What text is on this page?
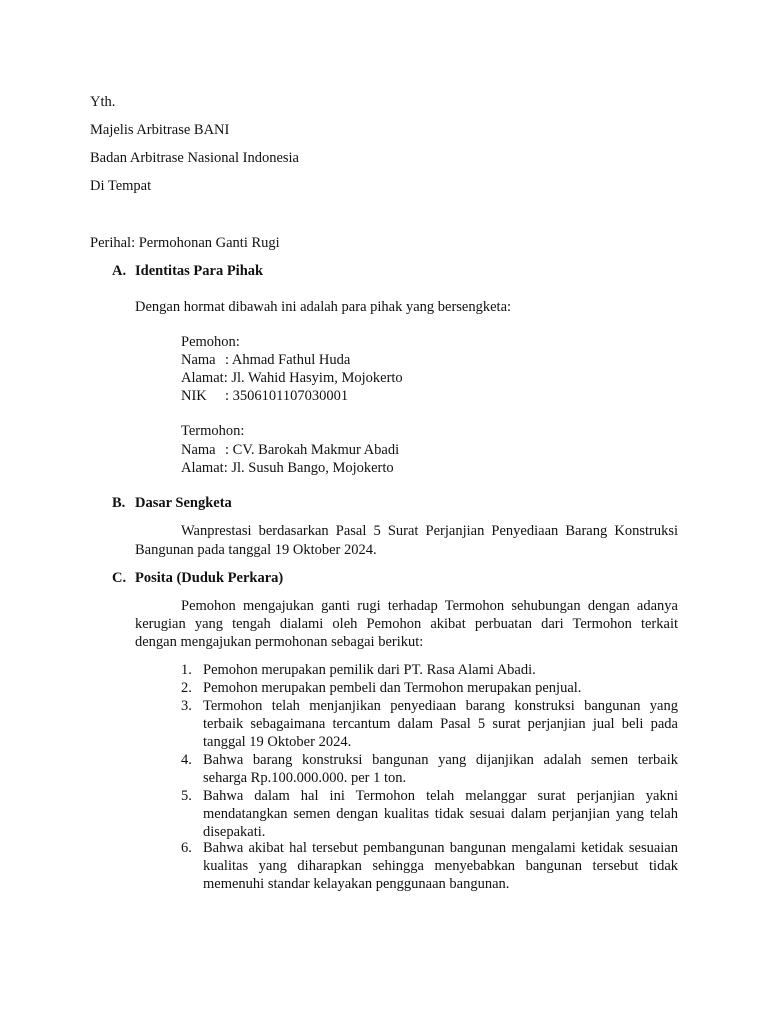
Yth.
Majelis Arbitrase BANI
Badan Arbitrase Nasional Indonesia
Di Tempat
Perihal: Permohonan Ganti Rugi
A. Identitas Para Pihak
Dengan hormat dibawah ini adalah para pihak yang bersengketa:
Pemohon:
Nama : Ahmad Fathul Huda
Alamat: Jl. Wahid Hasyim, Mojokerto
NIK : 3506101107030001
Termohon:
Nama : CV. Barokah Makmur Abadi
Alamat: Jl. Susuh Bango, Mojokerto
B. Dasar Sengketa
Wanprestasi berdasarkan Pasal 5 Surat Perjanjian Penyediaan Barang Konstruksi
Bangunan pada tanggal 19 Oktober 2024.
C. Posita (Duduk Perkara)
Pemohon mengajukan ganti rugi terhadap Termohon sehubungan dengan adanya
kerugian yang tengah dialami oleh Pemohon akibat perbuatan dari Termohon terkait
dengan mengajukan permohonan sebagai berikut:
1. Pemohon merupakan pemilik dari PT. Rasa Alami Abadi.
2. Pemohon merupakan pembeli dan Termohon merupakan penjual.
3. Termohon telah menjanjikan penyediaan barang konstruksi bangunan yang
terbaik sebagaimana tercantum dalam Pasal 5 surat perjanjian jual beli pada
tanggal 19 Oktober 2024.
4. Bahwa barang konstruksi bangunan yang dijanjikan adalah semen terbaik
seharga Rp.100.000.000. per 1 ton.
5. Bahwa dalam hal ini Termohon telah melanggar surat perjanjian yakni
mendatangkan semen dengan kualitas tidak sesuai dalam perjanjian yang telah
disepakati.
6. Bahwa akibat hal tersebut pembangunan bangunan mengalami ketidak sesuaian
kualitas yang diharapkan sehingga menyebabkan bangunan tersebut tidak
memenuhi standar kelayakan penggunaan bangunan.
